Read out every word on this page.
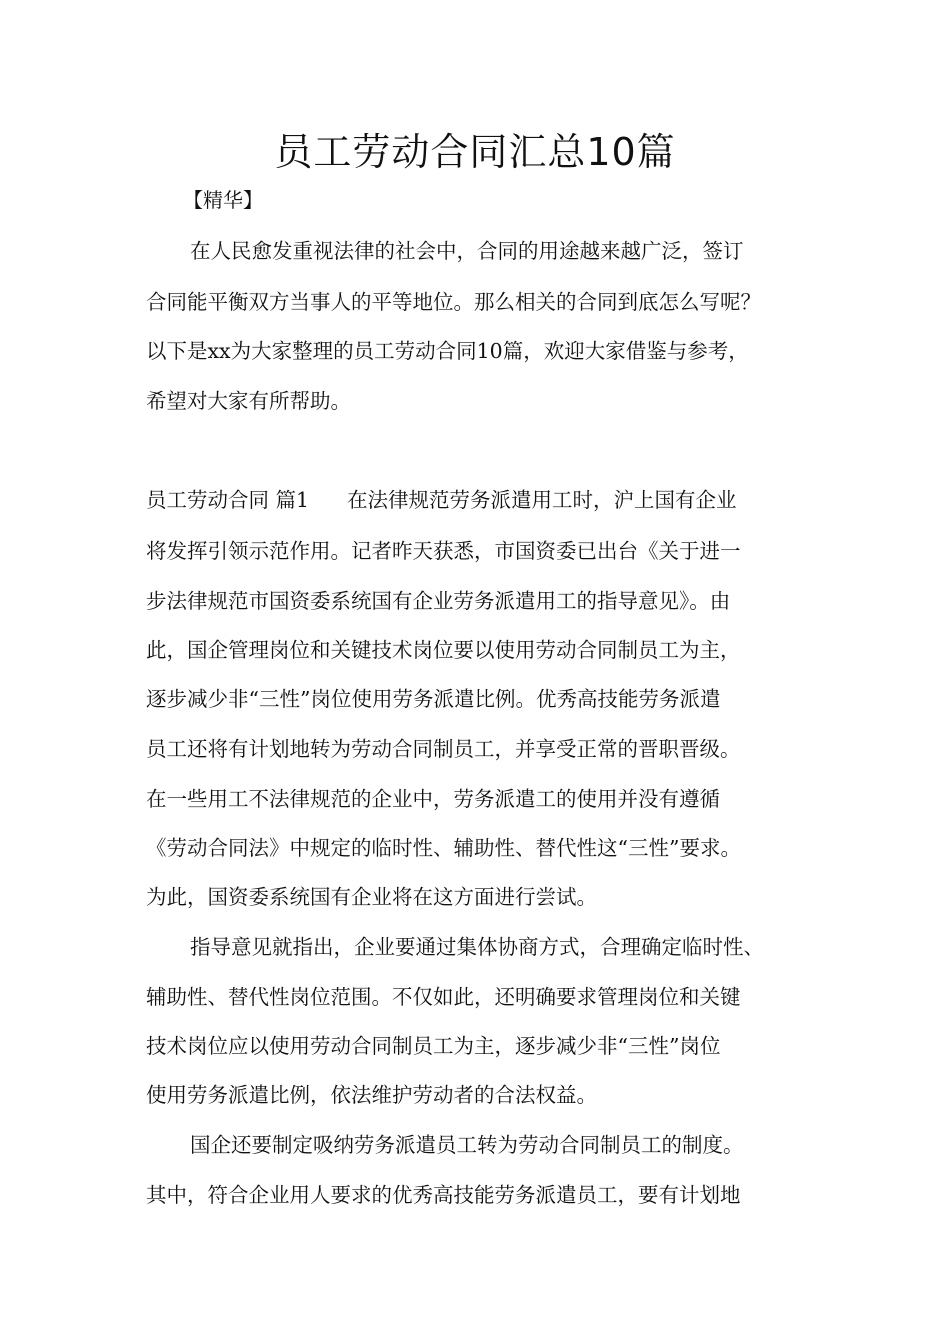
员工劳动合同汇总10篇
【精华】
在人民愈发重视法律的社会中，合同的用途越来越广泛，签订
合同能平衡双方当事人的平等地位。那么相关的合同到底怎么写呢？
以下是xx为大家整理的员工劳动合同10篇，欢迎大家借鉴与参考，
希望对大家有所帮助。
员工劳动合同 篇1 在法律规范劳务派遣用工时，沪上国有企业
将发挥引领示范作用。记者昨天获悉，市国资委已出台《关于进一
步法律规范市国资委系统国有企业劳务派遣用工的指导意见》。由
此，国企管理岗位和关键技术岗位要以使用劳动合同制员工为主，
逐步减少非“三性”岗位使用劳务派遣比例。优秀高技能劳务派遣
员工还将有计划地转为劳动合同制员工，并享受正常的晋职晋级。
在一些用工不法律规范的企业中，劳务派遣工的使用并没有遵循
《劳动合同法》中规定的临时性、辅助性、替代性这“三性”要求。
为此，国资委系统国有企业将在这方面进行尝试。
指导意见就指出，企业要通过集体协商方式，合理确定临时性、
辅助性、替代性岗位范围。不仅如此，还明确要求管理岗位和关键
技术岗位应以使用劳动合同制员工为主，逐步减少非“三性”岗位
使用劳务派遣比例，依法维护劳动者的合法权益。
国企还要制定吸纳劳务派遣员工转为劳动合同制员工的制度。
其中，符合企业用人要求的优秀高技能劳务派遣员工，要有计划地
